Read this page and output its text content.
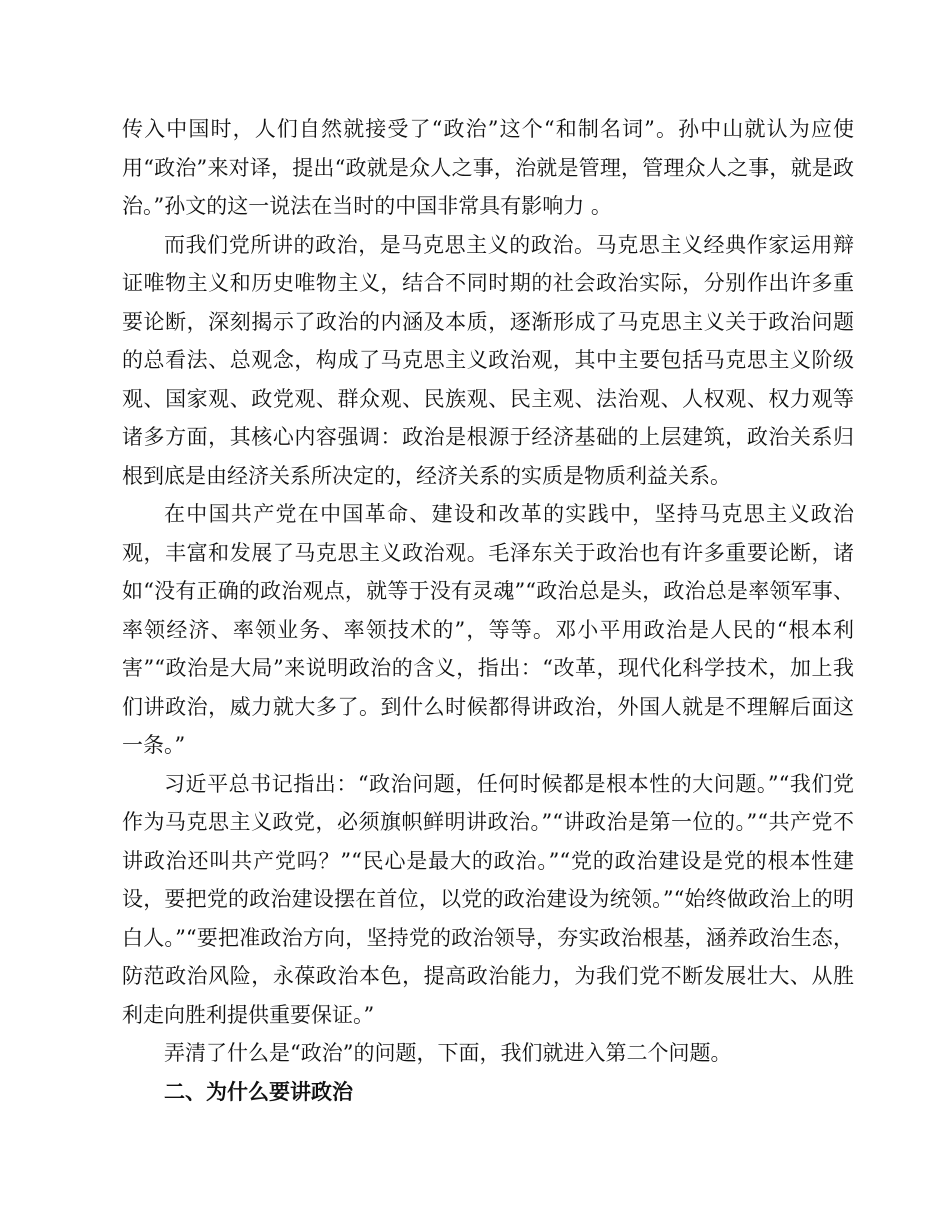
传入中国时，人们自然就接受了“政治”这个“和制名词”。孙中山就认为应使用“政治”来对译，提出“政就是众人之事，治就是管理，管理众人之事，就是政治。”孙文的这一说法在当时的中国非常具有影响力 。

而我们党所讲的政治，是马克思主义的政治。马克思主义经典作家运用辩证唯物主义和历史唯物主义，结合不同时期的社会政治实际，分别作出许多重要论断，深刻揭示了政治的内涵及本质，逐渐形成了马克思主义关于政治问题的总看法、总观念，构成了马克思主义政治观，其中主要包括马克思主义阶级观、国家观、政党观、群众观、民族观、民主观、法治观、人权观、权力观等诸多方面，其核心内容强调：政治是根源于经济基础的上层建筑，政治关系归根到底是由经济关系所决定的，经济关系的实质是物质利益关系。

在中国共产党在中国革命、建设和改革的实践中，坚持马克思主义政治观，丰富和发展了马克思主义政治观。毛泽东关于政治也有许多重要论断，诸如“没有正确的政治观点，就等于没有灵魂”“政治总是头，政治总是率领军事、率领经济、率领业务、率领技术的”，等等。邓小平用政治是人民的“根本利害”“政治是大局”来说明政治的含义，指出：“改革，现代化科学技术，加上我们讲政治，威力就大多了。到什么时候都得讲政治，外国人就是不理解后面这一条。”

习近平总书记指出：“政治问题，任何时候都是根本性的大问题。”“我们党作为马克思主义政党，必须旗帜鲜明讲政治。”“讲政治是第一位的。”“共产党不讲政治还叫共产党吗？”“民心是最大的政治。”“党的政治建设是党的根本性建设，要把党的政治建设摆在首位，以党的政治建设为统领。”“始终做政治上的明白人。”“要把准政治方向，坚持党的政治领导，夯实政治根基，涵养政治生态，防范政治风险，永葆政治本色，提高政治能力，为我们党不断发展壮大、从胜利走向胜利提供重要保证。”

弄清了什么是“政治”的问题，下面，我们就进入第二个问题。

二、为什么要讲政治
